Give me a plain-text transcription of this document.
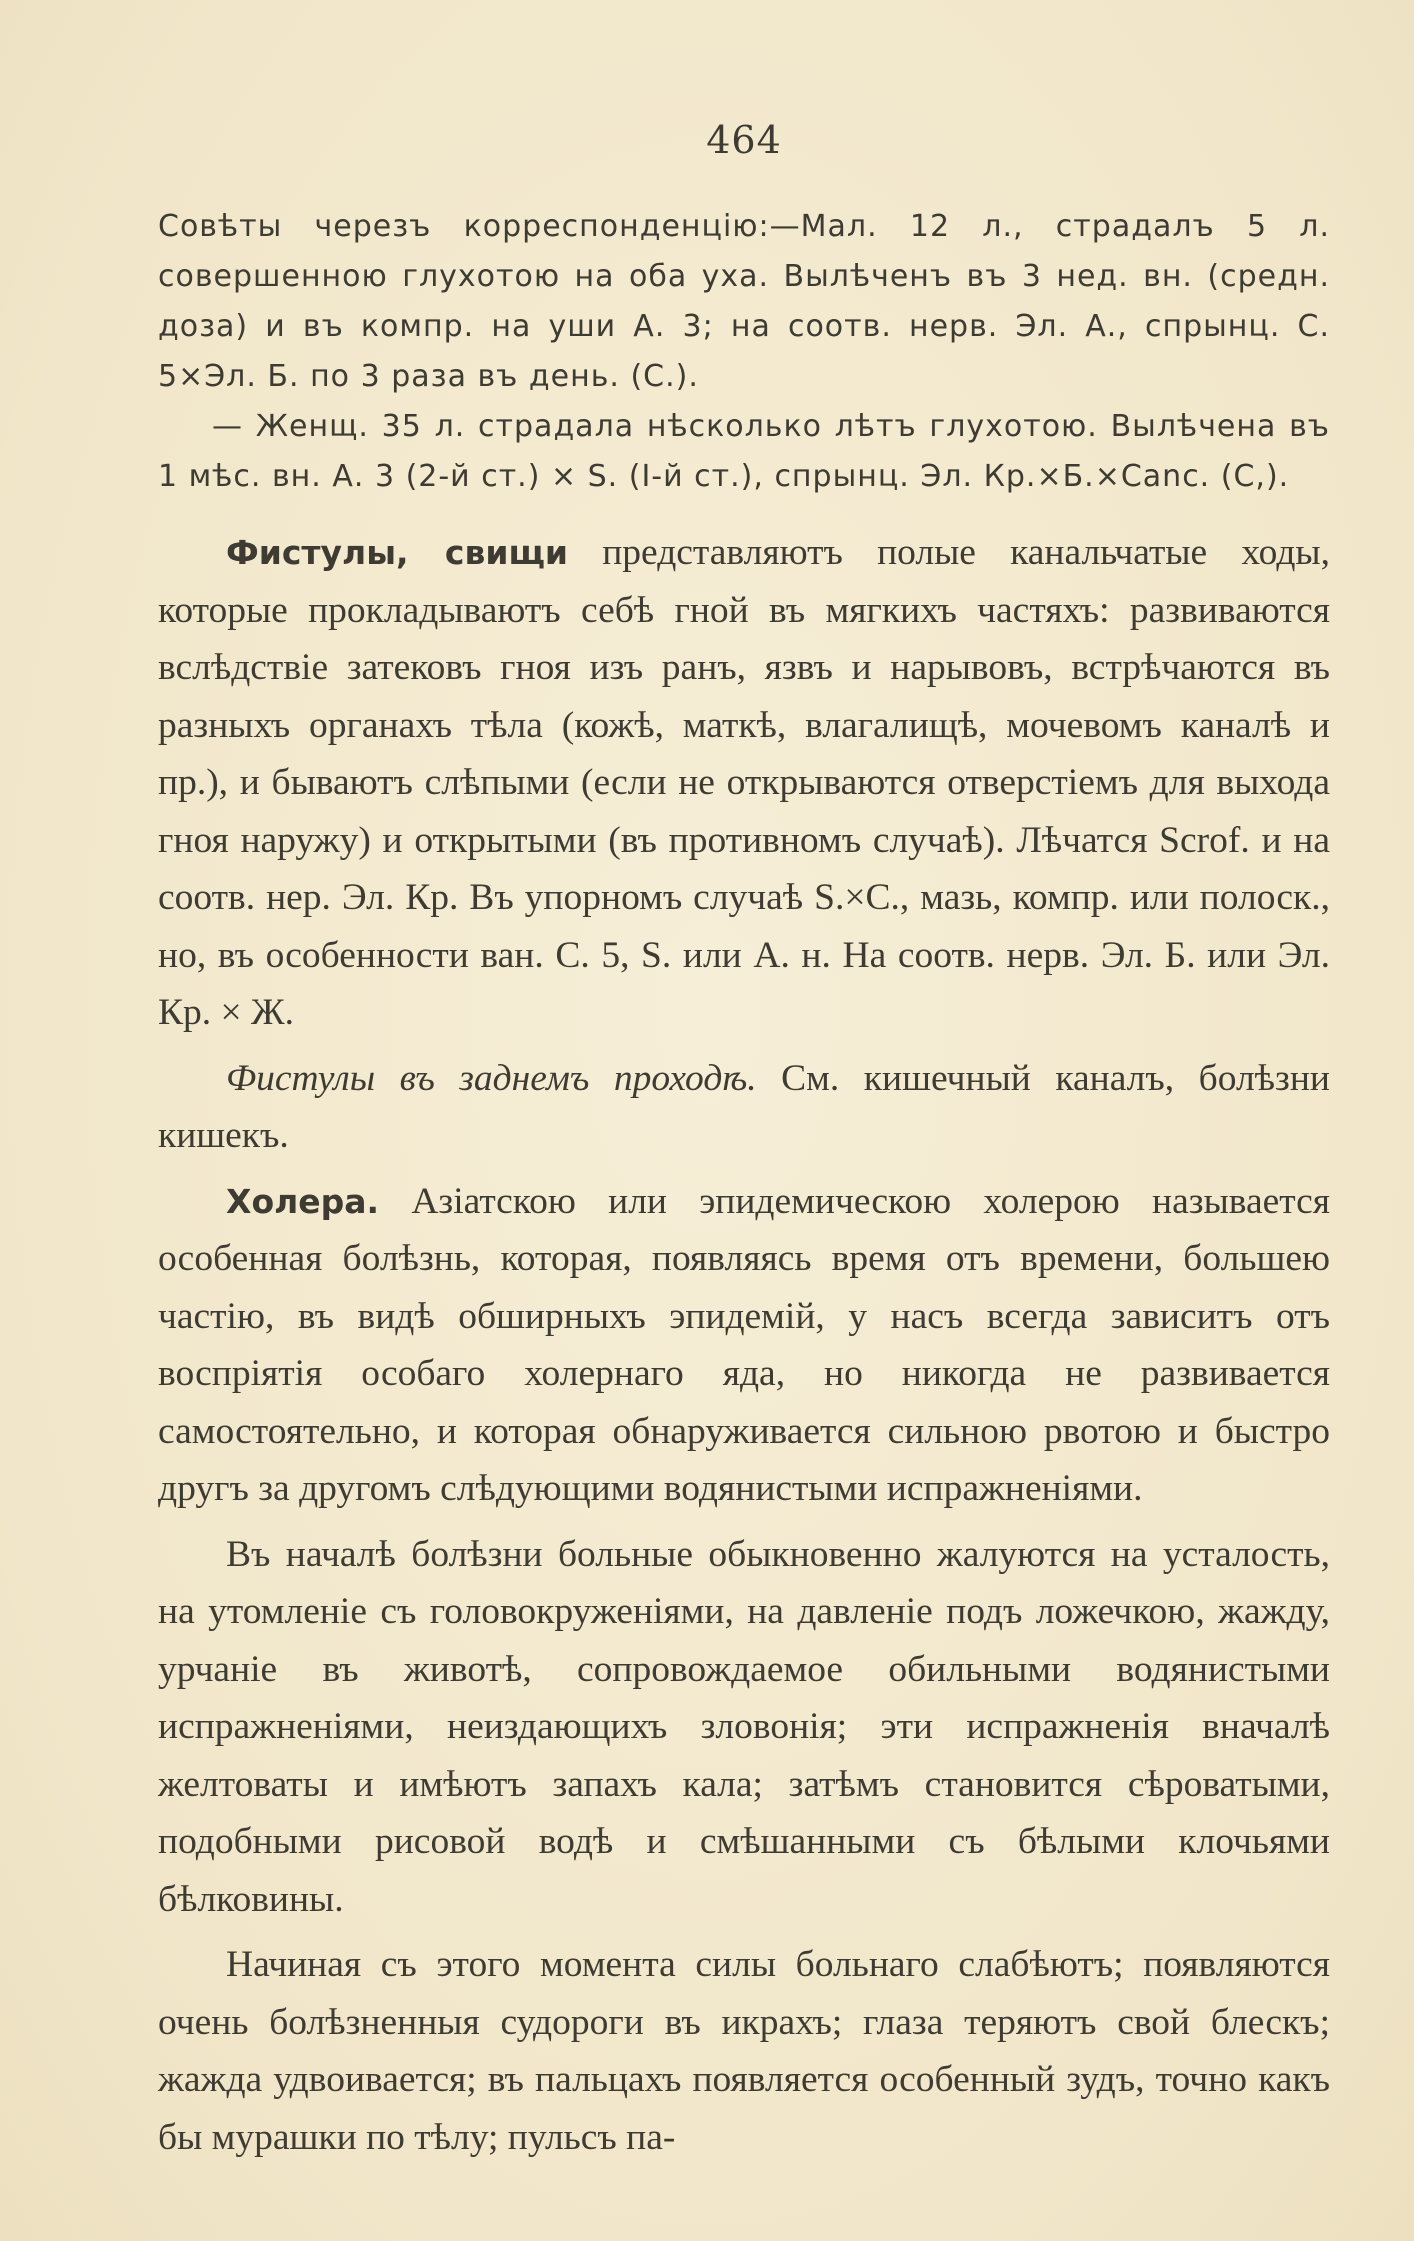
464

Совѣты черезъ корреспонденцію:—Мал. 12 л., страдалъ 5 л. совершенною глухотою на оба уха. Вылѣченъ въ 3 нед. вн. (средн. доза) и въ компр. на уши А. 3; на соотв. нерв. Эл. А., спрынц. С. 5×Эл. Б. по 3 раза въ день. (С.).

— Женщ. 35 л. страдала нѣсколько лѣтъ глухотою. Вылѣчена въ 1 мѣс. вн. А. 3 (2-й ст.) × S. (I-й ст.), спрынц. Эл. Кр.×Б.×Canc. (С,).

Фистулы, свищи представляютъ полые канальчатые ходы, которые прокладываютъ себѣ гной въ мягкихъ частяхъ: развиваются вслѣдствіе затековъ гноя изъ ранъ, язвъ и нарывовъ, встрѣчаются въ разныхъ органахъ тѣла (кожѣ, маткѣ, влагалищѣ, мочевомъ каналѣ и пр.), и бываютъ слѣпыми (если не открываются отверстіемъ для выхода гноя наружу) и открытыми (въ противномъ случаѣ). Лѣчатся Scrof. и на соотв. нер. Эл. Кр. Въ упорномъ случаѣ S.×С., мазь, компр. или полоск., но, въ особенности ван. С. 5, S. или А. н. На соотв. нерв. Эл. Б. или Эл. Кр. × Ж.

Фистулы въ заднемъ проходѣ. См. кишечный каналъ, болѣзни кишекъ.

Холера. Азіатскою или эпидемическою холерою называется особенная болѣзнь, которая, появляясь время отъ времени, большею частію, въ видѣ обширныхъ эпидемій, у насъ всегда зависитъ отъ воспріятія особаго холернаго яда, но никогда не развивается самостоятельно, и которая обнаруживается сильною рвотою и быстро другъ за другомъ слѣдующими водянистыми испражненіями.

Въ началѣ болѣзни больные обыкновенно жалуются на усталость, на утомленіе съ головокруженіями, на давленіе подъ ложечкою, жажду, урчаніе въ животѣ, сопровождаемое обильными водянистыми испражненіями, неиздающихъ зловонія; эти испражненія вначалѣ желтоваты и имѣютъ запахъ кала; затѣмъ становится сѣроватыми, подобными рисовой водѣ и смѣшанными съ бѣлыми клочьями бѣлковины.

Начиная съ этого момента силы больнаго слабѣютъ; появляются очень болѣзненныя судороги въ икрахъ; глаза теряютъ свой блескъ; жажда удвоивается; въ пальцахъ появляется особенный зудъ, точно какъ бы мурашки по тѣлу; пульсъ па-
